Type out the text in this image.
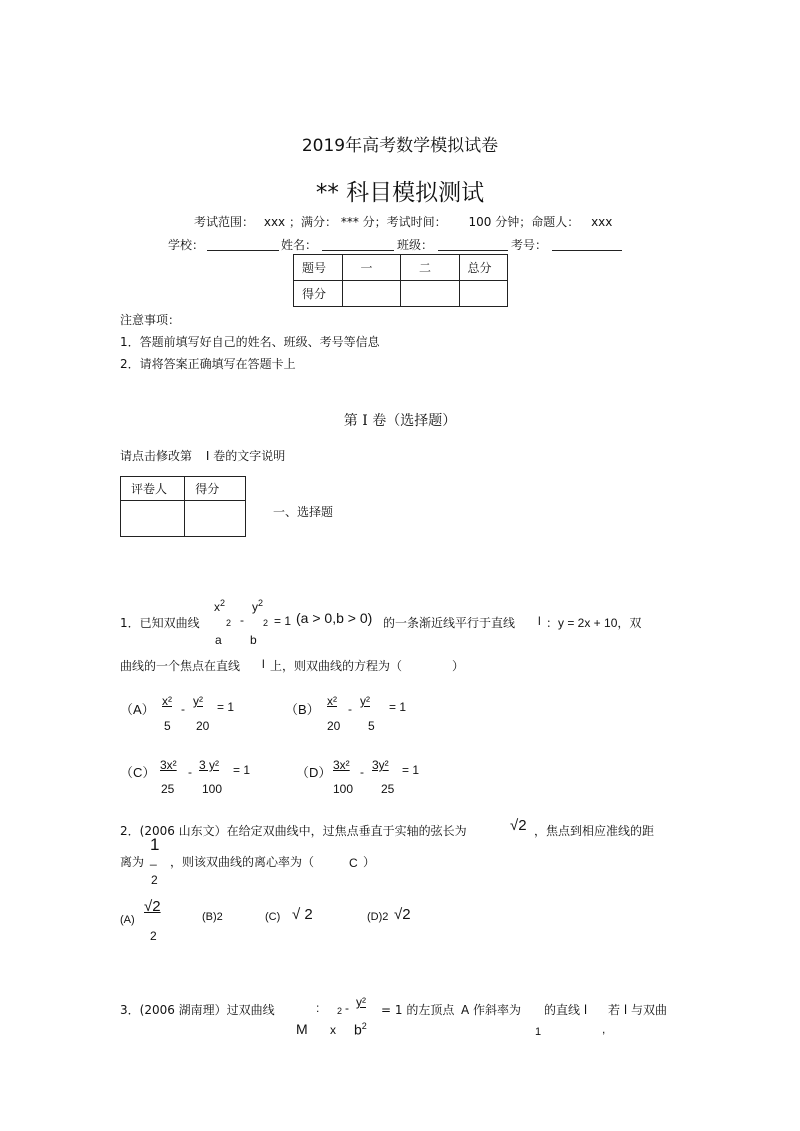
2019年高考数学模拟试卷
** 科目模拟测试
考试范围： xxx ；满分： *** 分；考试时间： 100 分钟；命题人： xxx
学校：	姓名：	班级：	考号：
题号	一	二	总分
得分			
注意事项：
1．答题前填写好自己的姓名、班级、考号等信息
2．请将答案正确填写在答题卡上
第 I 卷（选择题）
请点击修改第 I 卷的文字说明
评卷人	得分

一、选择题
1．已知双曲线
$x^2$
2
a
-
$y^2$
2
b
= 1 (a > 0,b > 0) 的一条渐近线平行于直线 l ：y = 2x + 10，双
曲线的一个焦点在直线 l 上，则双曲线的方程为（	）
（A）
x²
5
-
y²
20
= 1	（B）
x²
20
-
y²
5
= 1
（C） 3x²
25
- 3 y²
100
= 1	（D） 3x²
100
- 3y²
25
= 1
2．(2006 山东文）在给定双曲线中，过焦点垂直于实轴的弦长为	√2 ，焦点到相应准线的距
离为
1
_
2
，则该双曲线的离心率为（	C ）
(A)
√2
2
(B)2	(C) √ 2	(D)2 √2
3．(2006 湖南理）过双曲线	: 2 - y²
= 1 的左顶点 A 作斜率为 的直线 l 若 l 与双曲
M x $b^2$	1	,
